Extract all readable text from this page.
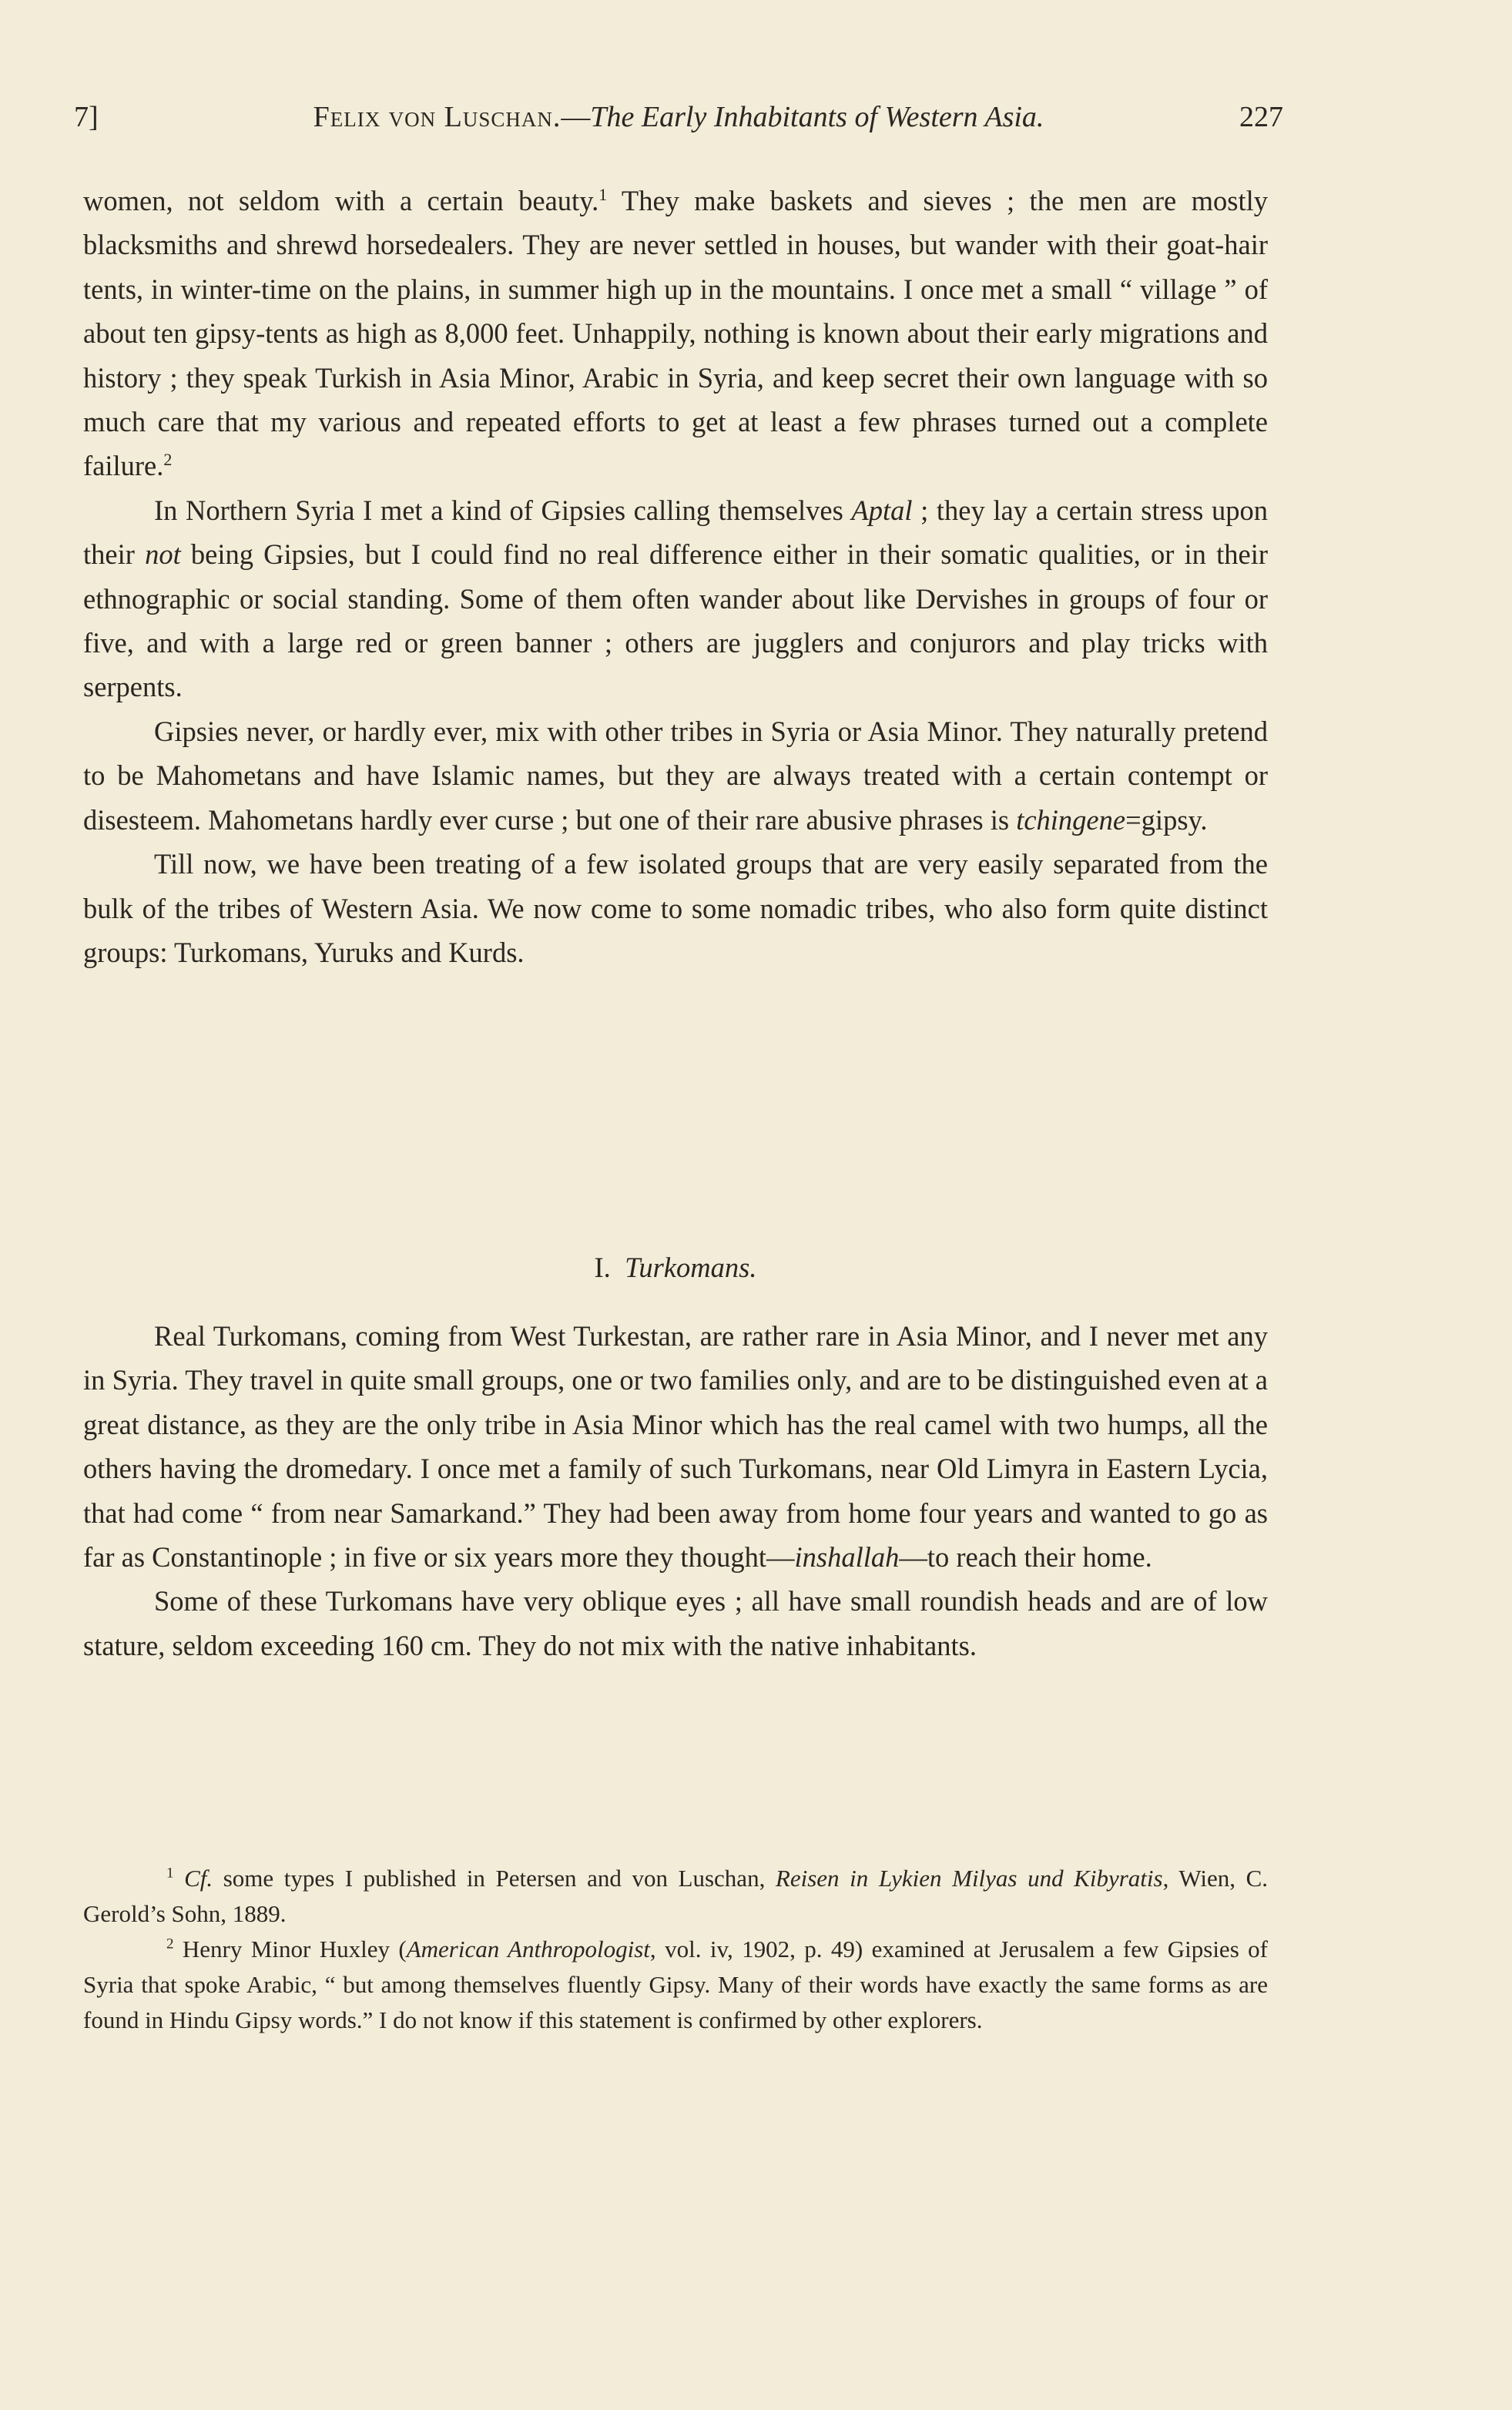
7]	Felix von Luschan.—The Early Inhabitants of Western Asia.	227

women, not seldom with a certain beauty.$^1$ They make baskets and sieves ; the men are mostly blacksmiths and shrewd horsedealers. They are never settled in houses, but wander with their goat-hair tents, in winter-time on the plains, in summer high up in the mountains. I once met a small “ village ” of about ten gipsy-tents as high as 8,000 feet. Unhappily, nothing is known about their early migrations and history ; they speak Turkish in Asia Minor, Arabic in Syria, and keep secret their own language with so much care that my various and repeated efforts to get at least a few phrases turned out a complete failure.$^2$

In Northern Syria I met a kind of Gipsies calling themselves Aptal ; they lay a certain stress upon their not being Gipsies, but I could find no real difference either in their somatic qualities, or in their ethnographic or social standing. Some of them often wander about like Dervishes in groups of four or five, and with a large red or green banner ; others are jugglers and conjurors and play tricks with serpents.

Gipsies never, or hardly ever, mix with other tribes in Syria or Asia Minor. They naturally pretend to be Mahometans and have Islamic names, but they are always treated with a certain contempt or disesteem. Mahometans hardly ever curse ; but one of their rare abusive phrases is tchingene=gipsy.

Till now, we have been treating of a few isolated groups that are very easily separated from the bulk of the tribes of Western Asia. We now come to some nomadic tribes, who also form quite distinct groups: Turkomans, Yuruks and Kurds.

I. Turkomans.

Real Turkomans, coming from West Turkestan, are rather rare in Asia Minor, and I never met any in Syria. They travel in quite small groups, one or two families only, and are to be distinguished even at a great distance, as they are the only tribe in Asia Minor which has the real camel with two humps, all the others having the dromedary. I once met a family of such Turkomans, near Old Limyra in Eastern Lycia, that had come “ from near Samarkand.” They had been away from home four years and wanted to go as far as Constantinople ; in five or six years more they thought—inshallah—to reach their home.

Some of these Turkomans have very oblique eyes ; all have small roundish heads and are of low stature, seldom exceeding 160 cm. They do not mix with the native inhabitants.

$^1$ Cf. some types I published in Petersen and von Luschan, Reisen in Lykien Milyas und Kibyratis, Wien, C. Gerold’s Sohn, 1889.

$^2$ Henry Minor Huxley (American Anthropologist, vol. iv, 1902, p. 49) examined at Jerusalem a few Gipsies of Syria that spoke Arabic, “ but among themselves fluently Gipsy. Many of their words have exactly the same forms as are found in Hindu Gipsy words.” I do not know if this statement is confirmed by other explorers.
